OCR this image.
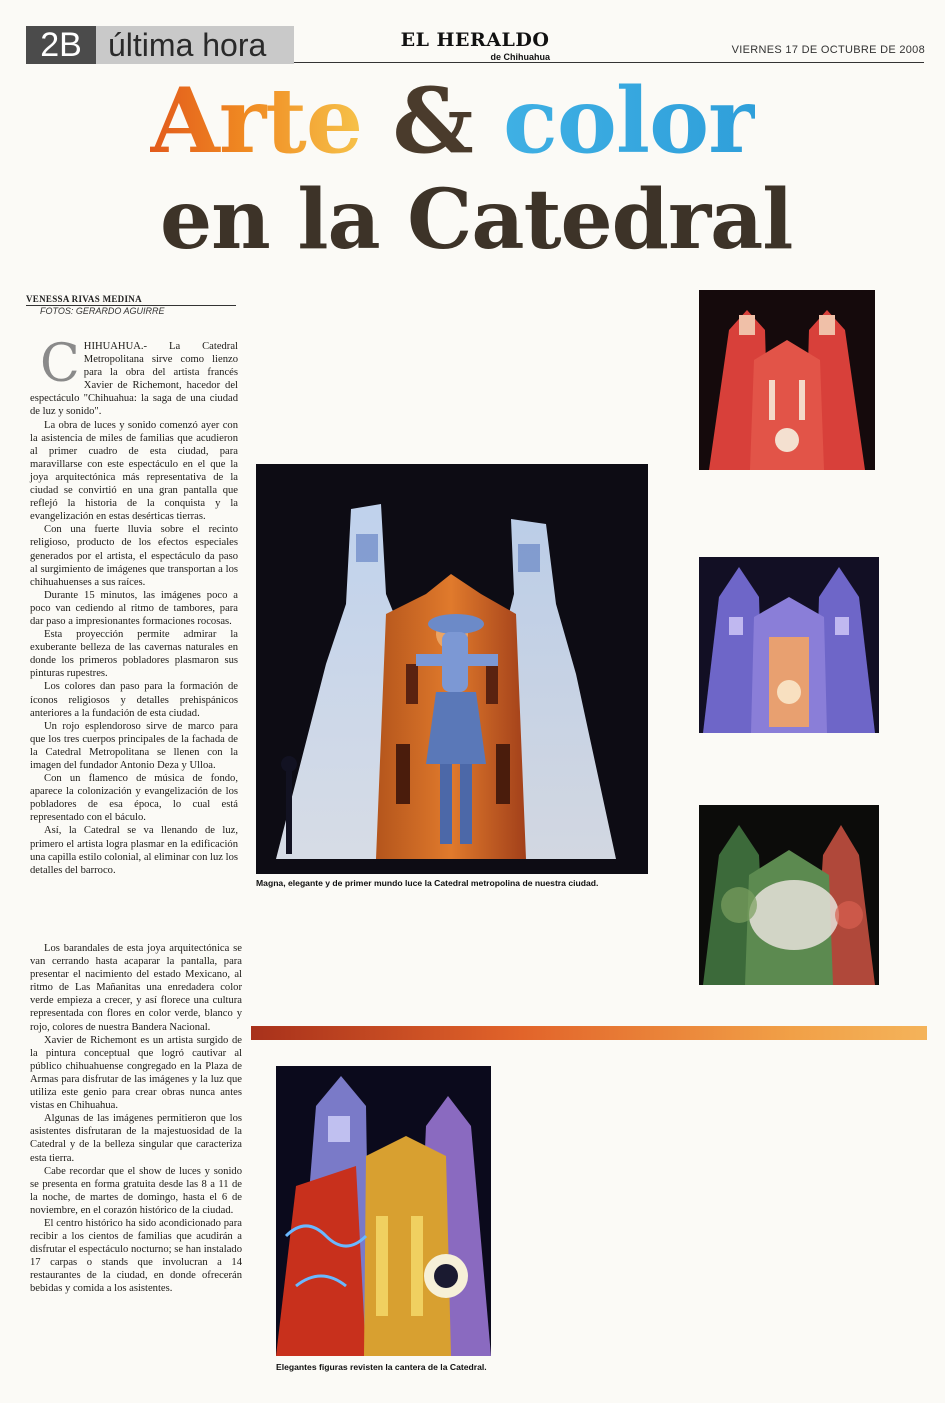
2B última hora	EL HERALDO
de Chihuahua
VIERNES 17 DE OCTUBRE DE 2008
Arte & color
en la Catedral
VENESSA RIVAS MEDINA
FOTOS: GERARDO AGUIRRE
C HIHUAHUA.- La Catedral Metropolitana sirve como lienzo para la obra del artista francés Xavier de Richemont, hacedor del espectáculo "Chihuahua: la saga de una ciudad de luz y sonido".

La obra de luces y sonido comenzó ayer con la asistencia de miles de familias que acudieron al primer cuadro de esta ciudad, para maravillarse con este espectáculo en el que la joya arquitectónica más representativa de la ciudad se convirtió en una gran pantalla que reflejó la historia de la conquista y la evangelización en estas desérticas tierras.

Con una fuerte lluvia sobre el recinto religioso, producto de los efectos especiales generados por el artista, el espectáculo da paso al surgimiento de imágenes que transportan a los chihuahuenses a sus raíces.

Durante 15 minutos, las imágenes poco a poco van cediendo al ritmo de tambores, para dar paso a impresionantes formaciones rocosas.

Esta proyección permite admirar la exuberante belleza de las cavernas naturales en donde los primeros pobladores plasmaron sus pinturas rupestres.

Los colores dan paso para la formación de íconos religiosos y detalles prehispánicos anteriores a la fundación de esta ciudad.

Un rojo esplendoroso sirve de marco para que los tres cuerpos principales de la fachada de la Catedral Metropolitana se llenen con la imagen del fundador Antonio Deza y Ulloa.

Con un flamenco de música de fondo, aparece la colonización y evangelización de los pobladores de esa época, lo cual está representado con el báculo.

Así, la Catedral se va llenando de luz, primero el artista logra plasmar en la edificación una capilla estilo colonial, al eliminar con luz los detalles del barroco.

Los barandales de esta joya arquitectónica se van cerrando hasta acaparar la pantalla, para presentar el nacimiento del estado Mexicano, al ritmo de Las Mañanitas una enredadera color verde empieza a crecer, y así florece una cultura representada con flores en color verde, blanco y rojo, colores de nuestra Bandera Nacional.

Xavier de Richemont es un artista surgido de la pintura conceptual que logró cautivar al público chihuahuense congregado en la Plaza de Armas para disfrutar de las imágenes y la luz que utiliza este genio para crear obras nunca antes vistas en Chihuahua.

Algunas de las imágenes permitieron que los asistentes disfrutaran de la majestuosidad de la Catedral y de la belleza singular que caracteriza esta tierra.

Cabe recordar que el show de luces y sonido se presenta en forma gratuita desde las 8 a 11 de la noche, de martes de domingo, hasta el 6 de noviembre, en el corazón histórico de la ciudad.

El centro histórico ha sido acondicionado para recibir a los cientos de familias que acudirán a disfrutar el espectáculo nocturno; se han instalado 17 carpas o stands que involucran a 14 restaurantes de la ciudad, en donde ofrecerán bebidas y comida a los asistentes.

Magna, elegante y de primer mundo luce la Catedral metropolina de nuestra ciudad.
Elegantes figuras revisten la cantera de la Catedral.
